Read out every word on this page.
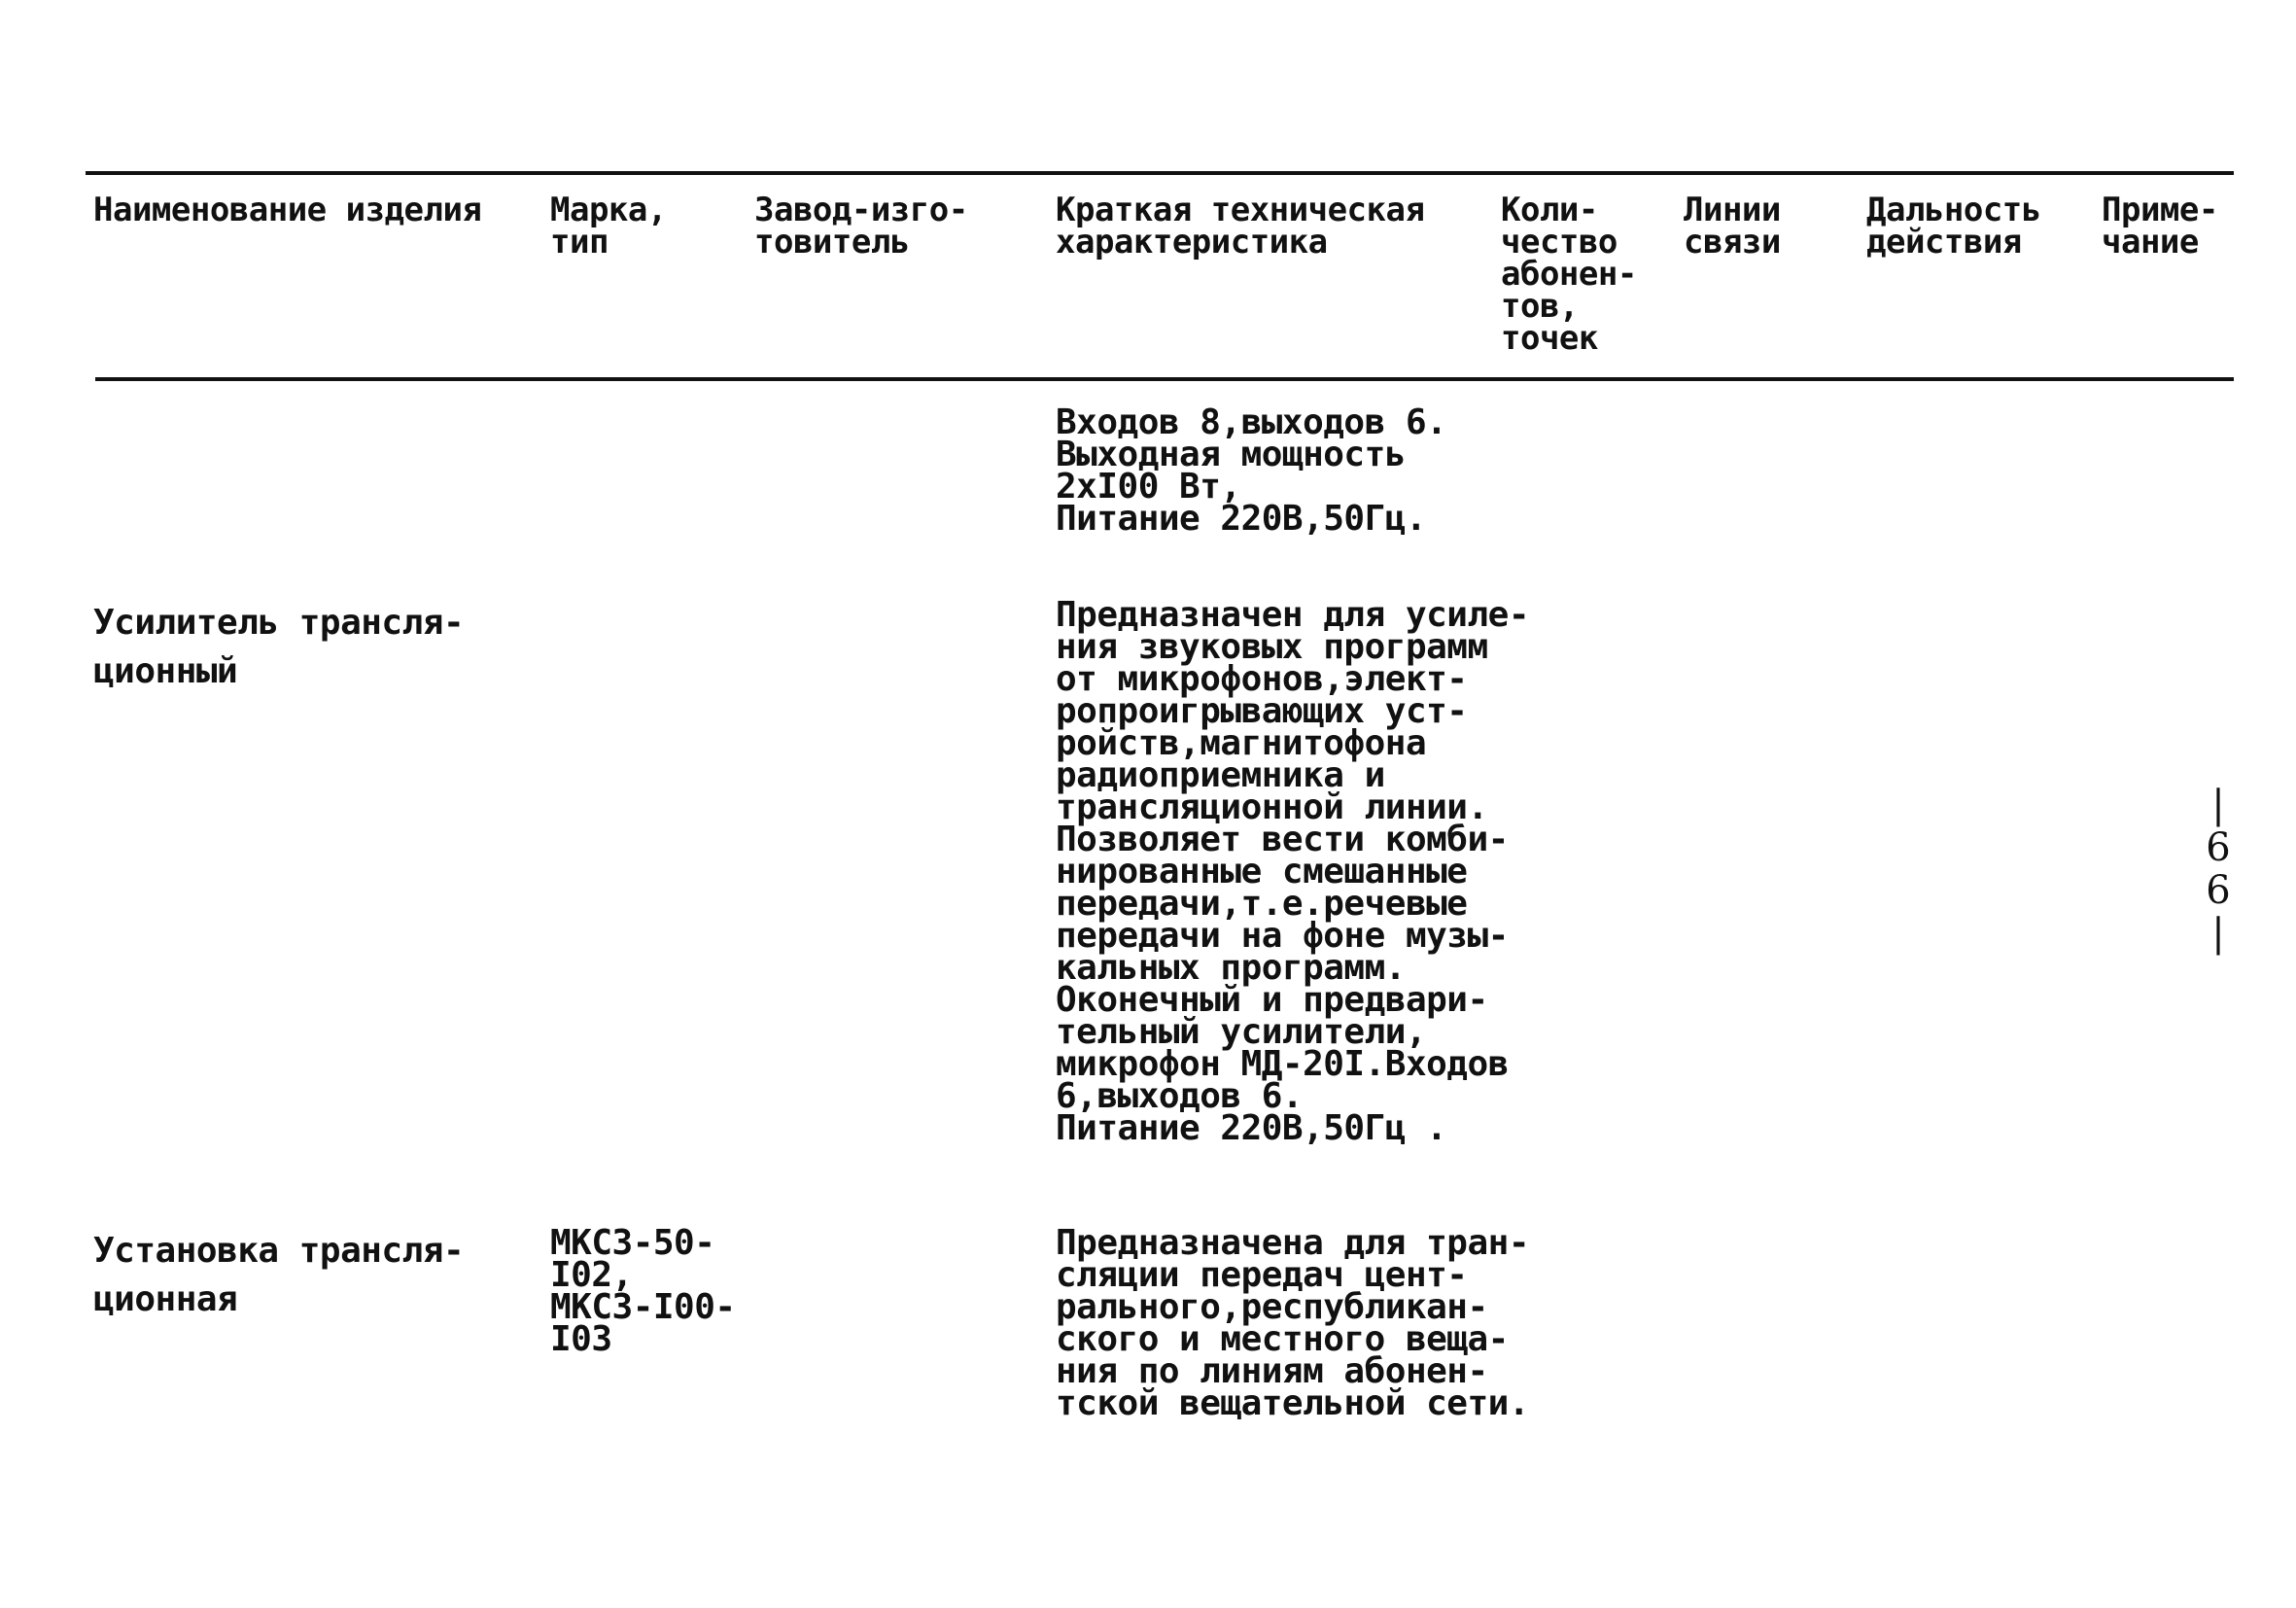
Наименование изделия Марка,
тип
Завод-изго-
товитель
Краткая техническая
характеристика
Коли-
чество
абонен-
тов,
точек
Линии
связи
Дальность
действия
Приме-
чание
Входов 8,выходов 6.
Выходная мощность
2хI00 Вт,
Питание 220В,50Гц.
Усилитель трансля-
ционный
Предназначен для усиле-
ния звуковых программ
от микрофонов,элект-
ропроигрывающих уст-
ройств,магнитофона
радиоприемника и
трансляционной линии.
Позволяет вести комби-
нированные смешанные
передачи,т.е.речевые
передачи на фоне музы-
кальных программ.
Оконечный и предвари-
тельный усилители,
микрофон МД-20I.Входов
6,выходов 6.
Питание 220В,50Гц .
Установка трансля-
ционная
МКСЗ-50-
I02,
МКСЗ-I00-
I03
Предназначена для тран-
сляции передач цент-
рального,республикан-
ского и местного веща-
ния по линиям абонен-
тской вещательной сети.
|
6
6
|
